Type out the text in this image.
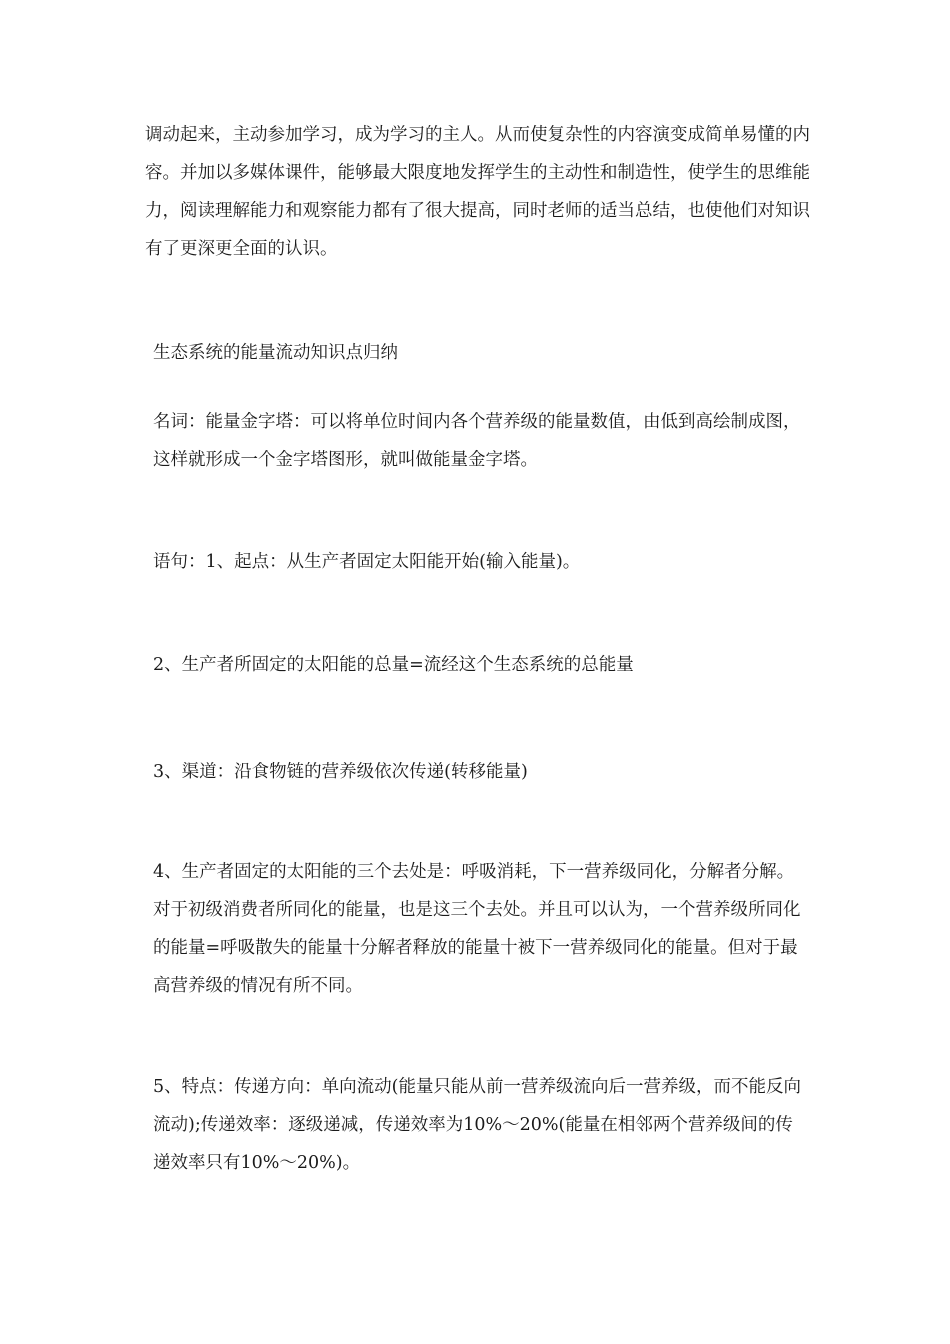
调动起来，主动参加学习，成为学习的主人。从而使复杂性的内容演变成简单易懂的内容。并加以多媒体课件，能够最大限度地发挥学生的主动性和制造性，使学生的思维能力，阅读理解能力和观察能力都有了很大提高，同时老师的适当总结，也使他们对知识有了更深更全面的认识。

生态系统的能量流动知识点归纳

名词：能量金字塔：可以将单位时间内各个营养级的能量数值，由低到高绘制成图，这样就形成一个金字塔图形，就叫做能量金字塔。

语句：1、起点：从生产者固定太阳能开始(输入能量)。

2、生产者所固定的太阳能的总量=流经这个生态系统的总能量

3、渠道：沿食物链的营养级依次传递(转移能量)

4、生产者固定的太阳能的三个去处是：呼吸消耗，下一营养级同化，分解者分解。对于初级消费者所同化的能量，也是这三个去处。并且可以认为，一个营养级所同化的能量=呼吸散失的能量十分解者释放的能量十被下一营养级同化的能量。但对于最高营养级的情况有所不同。

5、特点：传递方向：单向流动(能量只能从前一营养级流向后一营养级，而不能反向流动);传递效率：逐级递减，传递效率为10%～20%(能量在相邻两个营养级间的传递效率只有10%～20%)。
